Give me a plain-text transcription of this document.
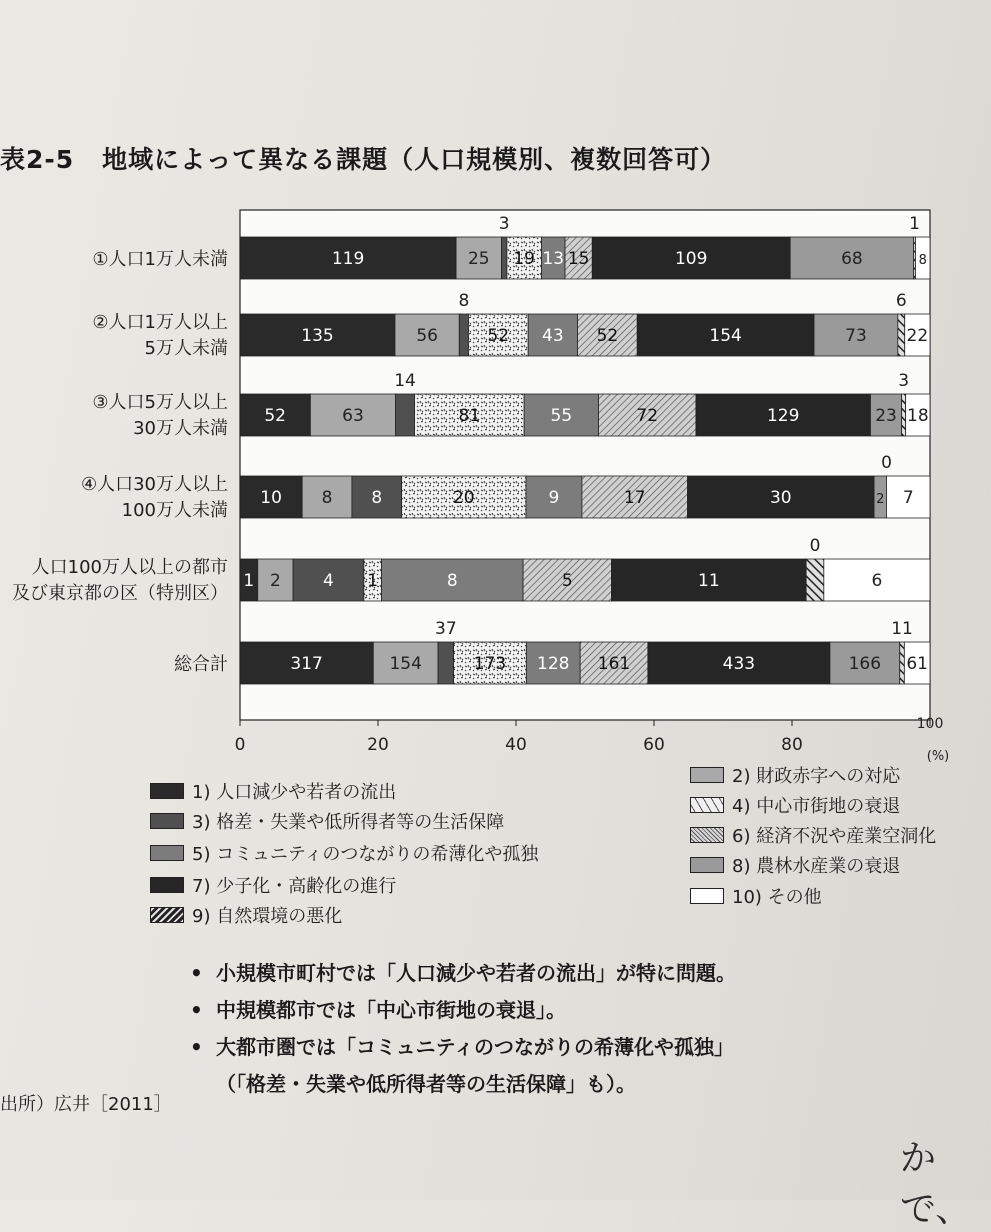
表2-5 地域によって異なる課題（人口規模別、複数回答可）
0	20	40	60	80
100
(%)
119	25 19 13 15	109	68	8
3	1
①人口1万人未満
135	56	52 43 52	154	73 22
8	6
②人口1万人以上
5万人未満
52	63	81	55	72	129	23 18
14	3
③人口5万人以上
30万人未満
10 8 8	20	9	17	30	2 7
0
④人口30万人以上
100万人未満
1 2 4 1	8	5	11	6
0
人口100万人以上の都市
及び東京都の区（特別区）
317	154	173 128 161	433	166 61
37	11
総合計
1) 人口減少や若者の流出
3) 格差・失業や低所得者等の生活保障
5) コミュニティのつながりの希薄化や孤独
7) 少子化・高齢化の進行
9) 自然環境の悪化
2) 財政赤字への対応
4) 中心市街地の衰退
6) 経済不況や産業空洞化
8) 農林水産業の衰退
10) その他
• 小規模市町村では「人口減少や若者の流出」が特に問題。
• 中規模都市では「中心市街地の衰退」。
• 大都市圏では「コミュニティのつながりの希薄化や孤独」
（「格差・失業や低所得者等の生活保障」も）。
出所）広井［2011］
かで、
